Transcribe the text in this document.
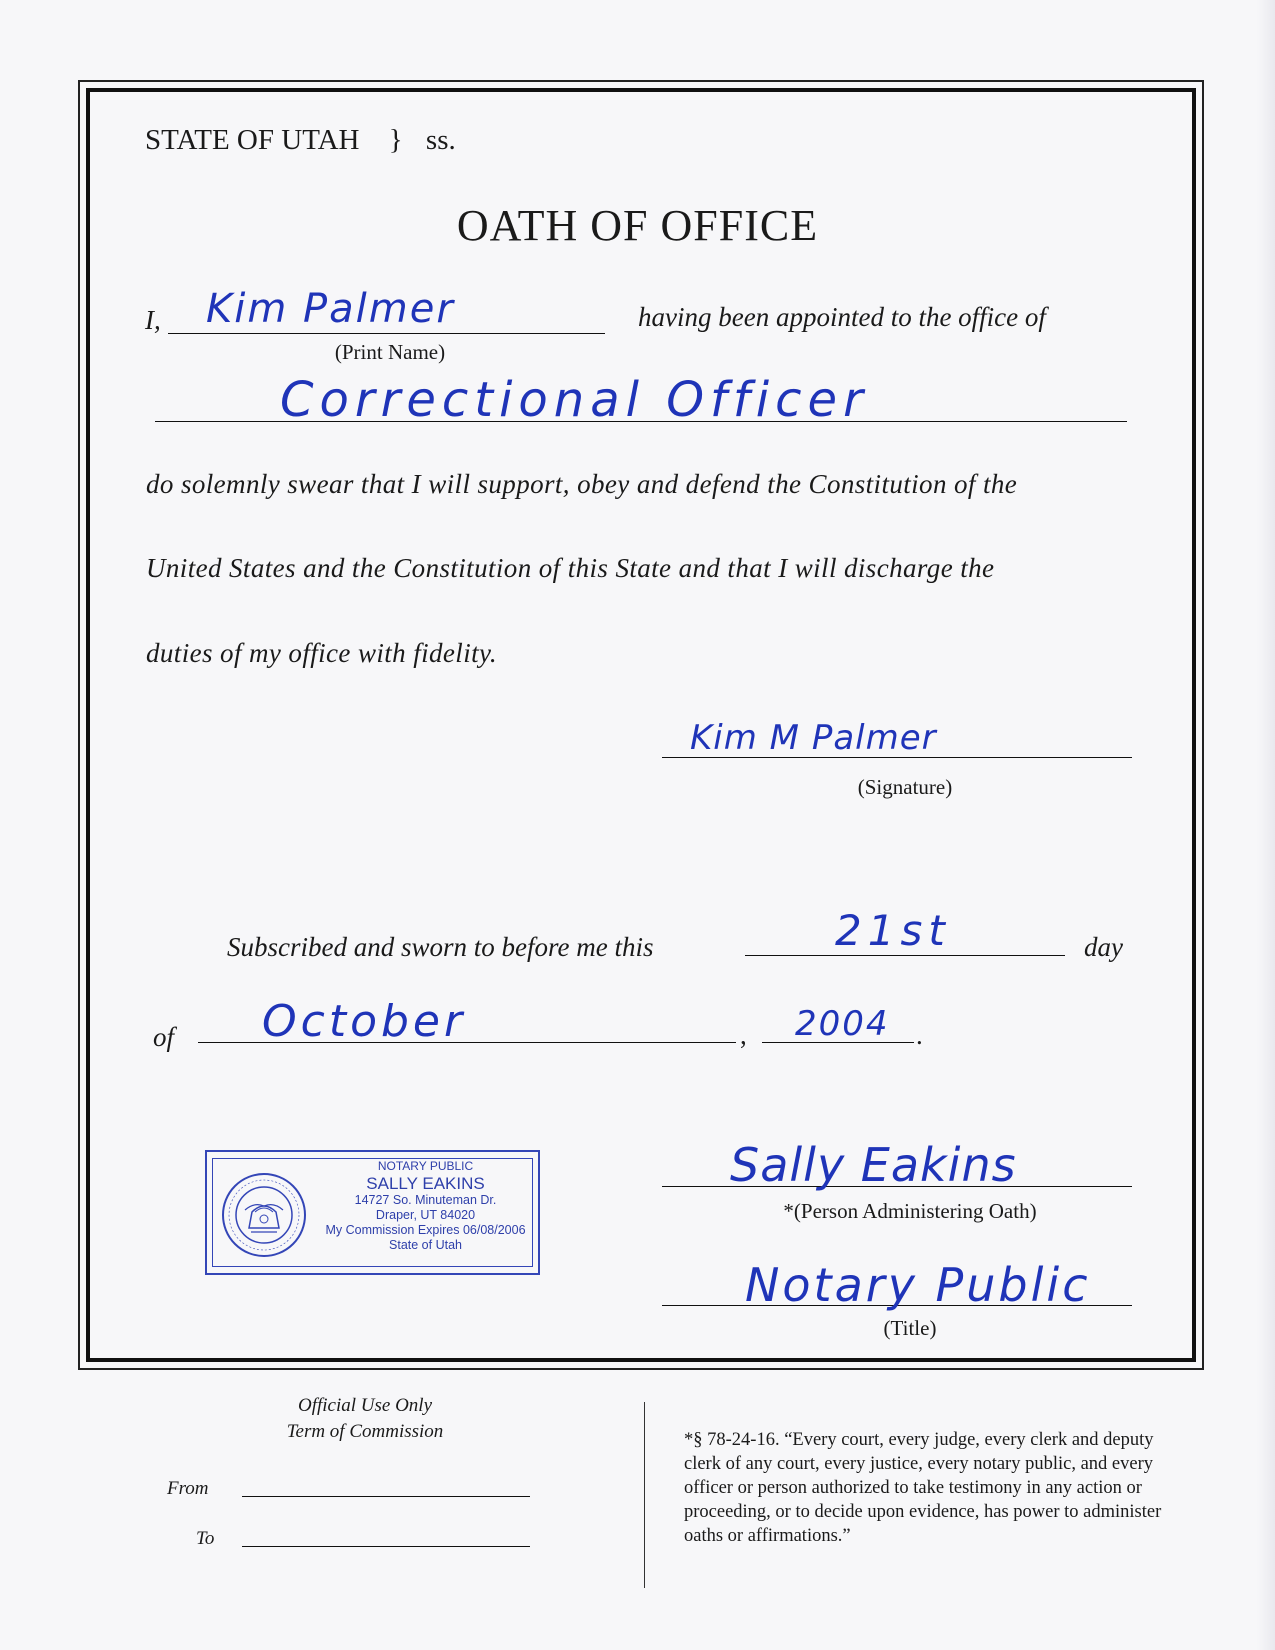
STATE OF UTAH } ss.
OATH OF OFFICE
I, Kim Palmer
(Print Name)
having been appointed to the office of
Correctional Officer
do solemnly swear that I will support, obey and defend the Constitution of the
United States and the Constitution of this State and that I will discharge the
duties of my office with fidelity.
Kim M Palmer
(Signature)
Subscribed and sworn to before me this	21st	day
of October	, 2004 .
NOTARY PUBLIC
SALLY EAKINS
14727 So. Minuteman Dr.
Draper, UT 84020
My Commission Expires 06/08/2006
State of Utah
Sally Eakins
*(Person Administering Oath)
Notary Public
(Title)
Official Use Only
Term of Commission
From
To
*§ 78-24-16. “Every court, every judge, every clerk and deputy clerk of any court, every justice, every notary public, and every officer or person authorized to take testimony in any action or proceeding, or to decide upon evidence, has power to administer oaths or affirmations.”
